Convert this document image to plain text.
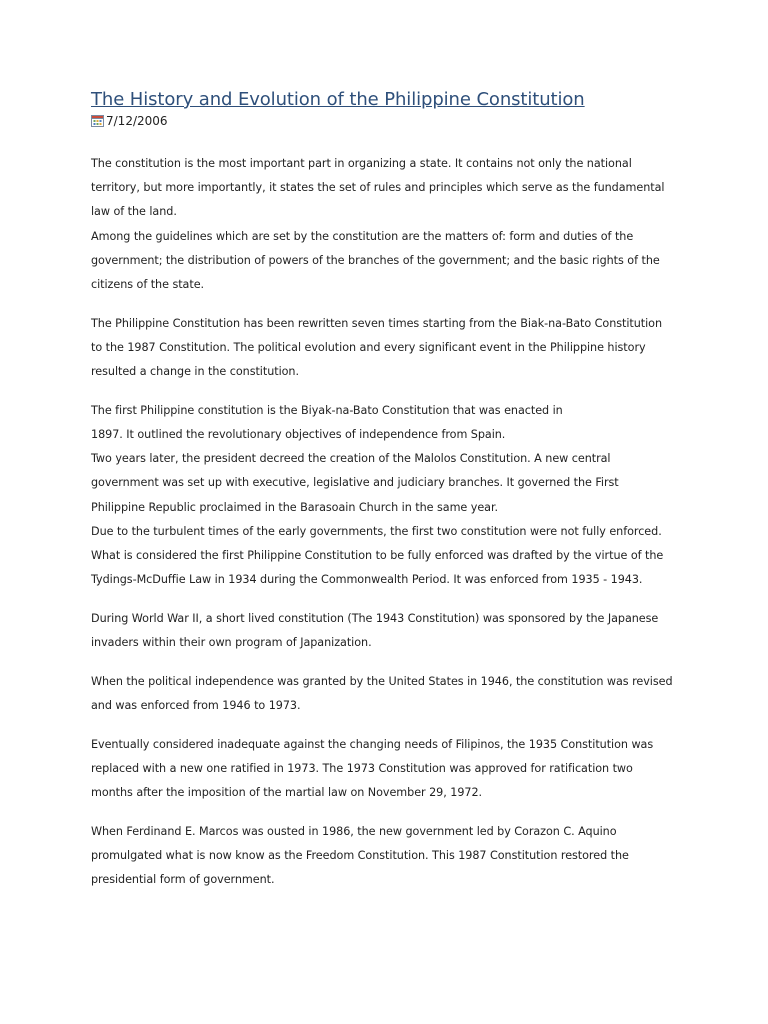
The History and Evolution of the Philippine Constitution
7/12/2006

The constitution is the most important part in organizing a state. It contains not only the national
territory, but more importantly, it states the set of rules and principles which serve as the fundamental
law of the land.
Among the guidelines which are set by the constitution are the matters of: form and duties of the
government; the distribution of powers of the branches of the government; and the basic rights of the
citizens of the state.

The Philippine Constitution has been rewritten seven times starting from the Biak-na-Bato Constitution
to the 1987 Constitution. The political evolution and every significant event in the Philippine history
resulted a change in the constitution.

The first Philippine constitution is the Biyak-na-Bato Constitution that was enacted in
1897. It outlined the revolutionary objectives of independence from Spain.
Two years later, the president decreed the creation of the Malolos Constitution. A new central
government was set up with executive, legislative and judiciary branches. It governed the First
Philippine Republic proclaimed in the Barasoain Church in the same year.
Due to the turbulent times of the early governments, the first two constitution were not fully enforced.
What is considered the first Philippine Constitution to be fully enforced was drafted by the virtue of the
Tydings-McDuffie Law in 1934 during the Commonwealth Period. It was enforced from 1935 - 1943.

During World War II, a short lived constitution (The 1943 Constitution) was sponsored by the Japanese
invaders within their own program of Japanization.

When the political independence was granted by the United States in 1946, the constitution was revised
and was enforced from 1946 to 1973.

Eventually considered inadequate against the changing needs of Filipinos, the 1935 Constitution was
replaced with a new one ratified in 1973. The 1973 Constitution was approved for ratification two
months after the imposition of the martial law on November 29, 1972.

When Ferdinand E. Marcos was ousted in 1986, the new government led by Corazon C. Aquino
promulgated what is now know as the Freedom Constitution. This 1987 Constitution restored the
presidential form of government.
